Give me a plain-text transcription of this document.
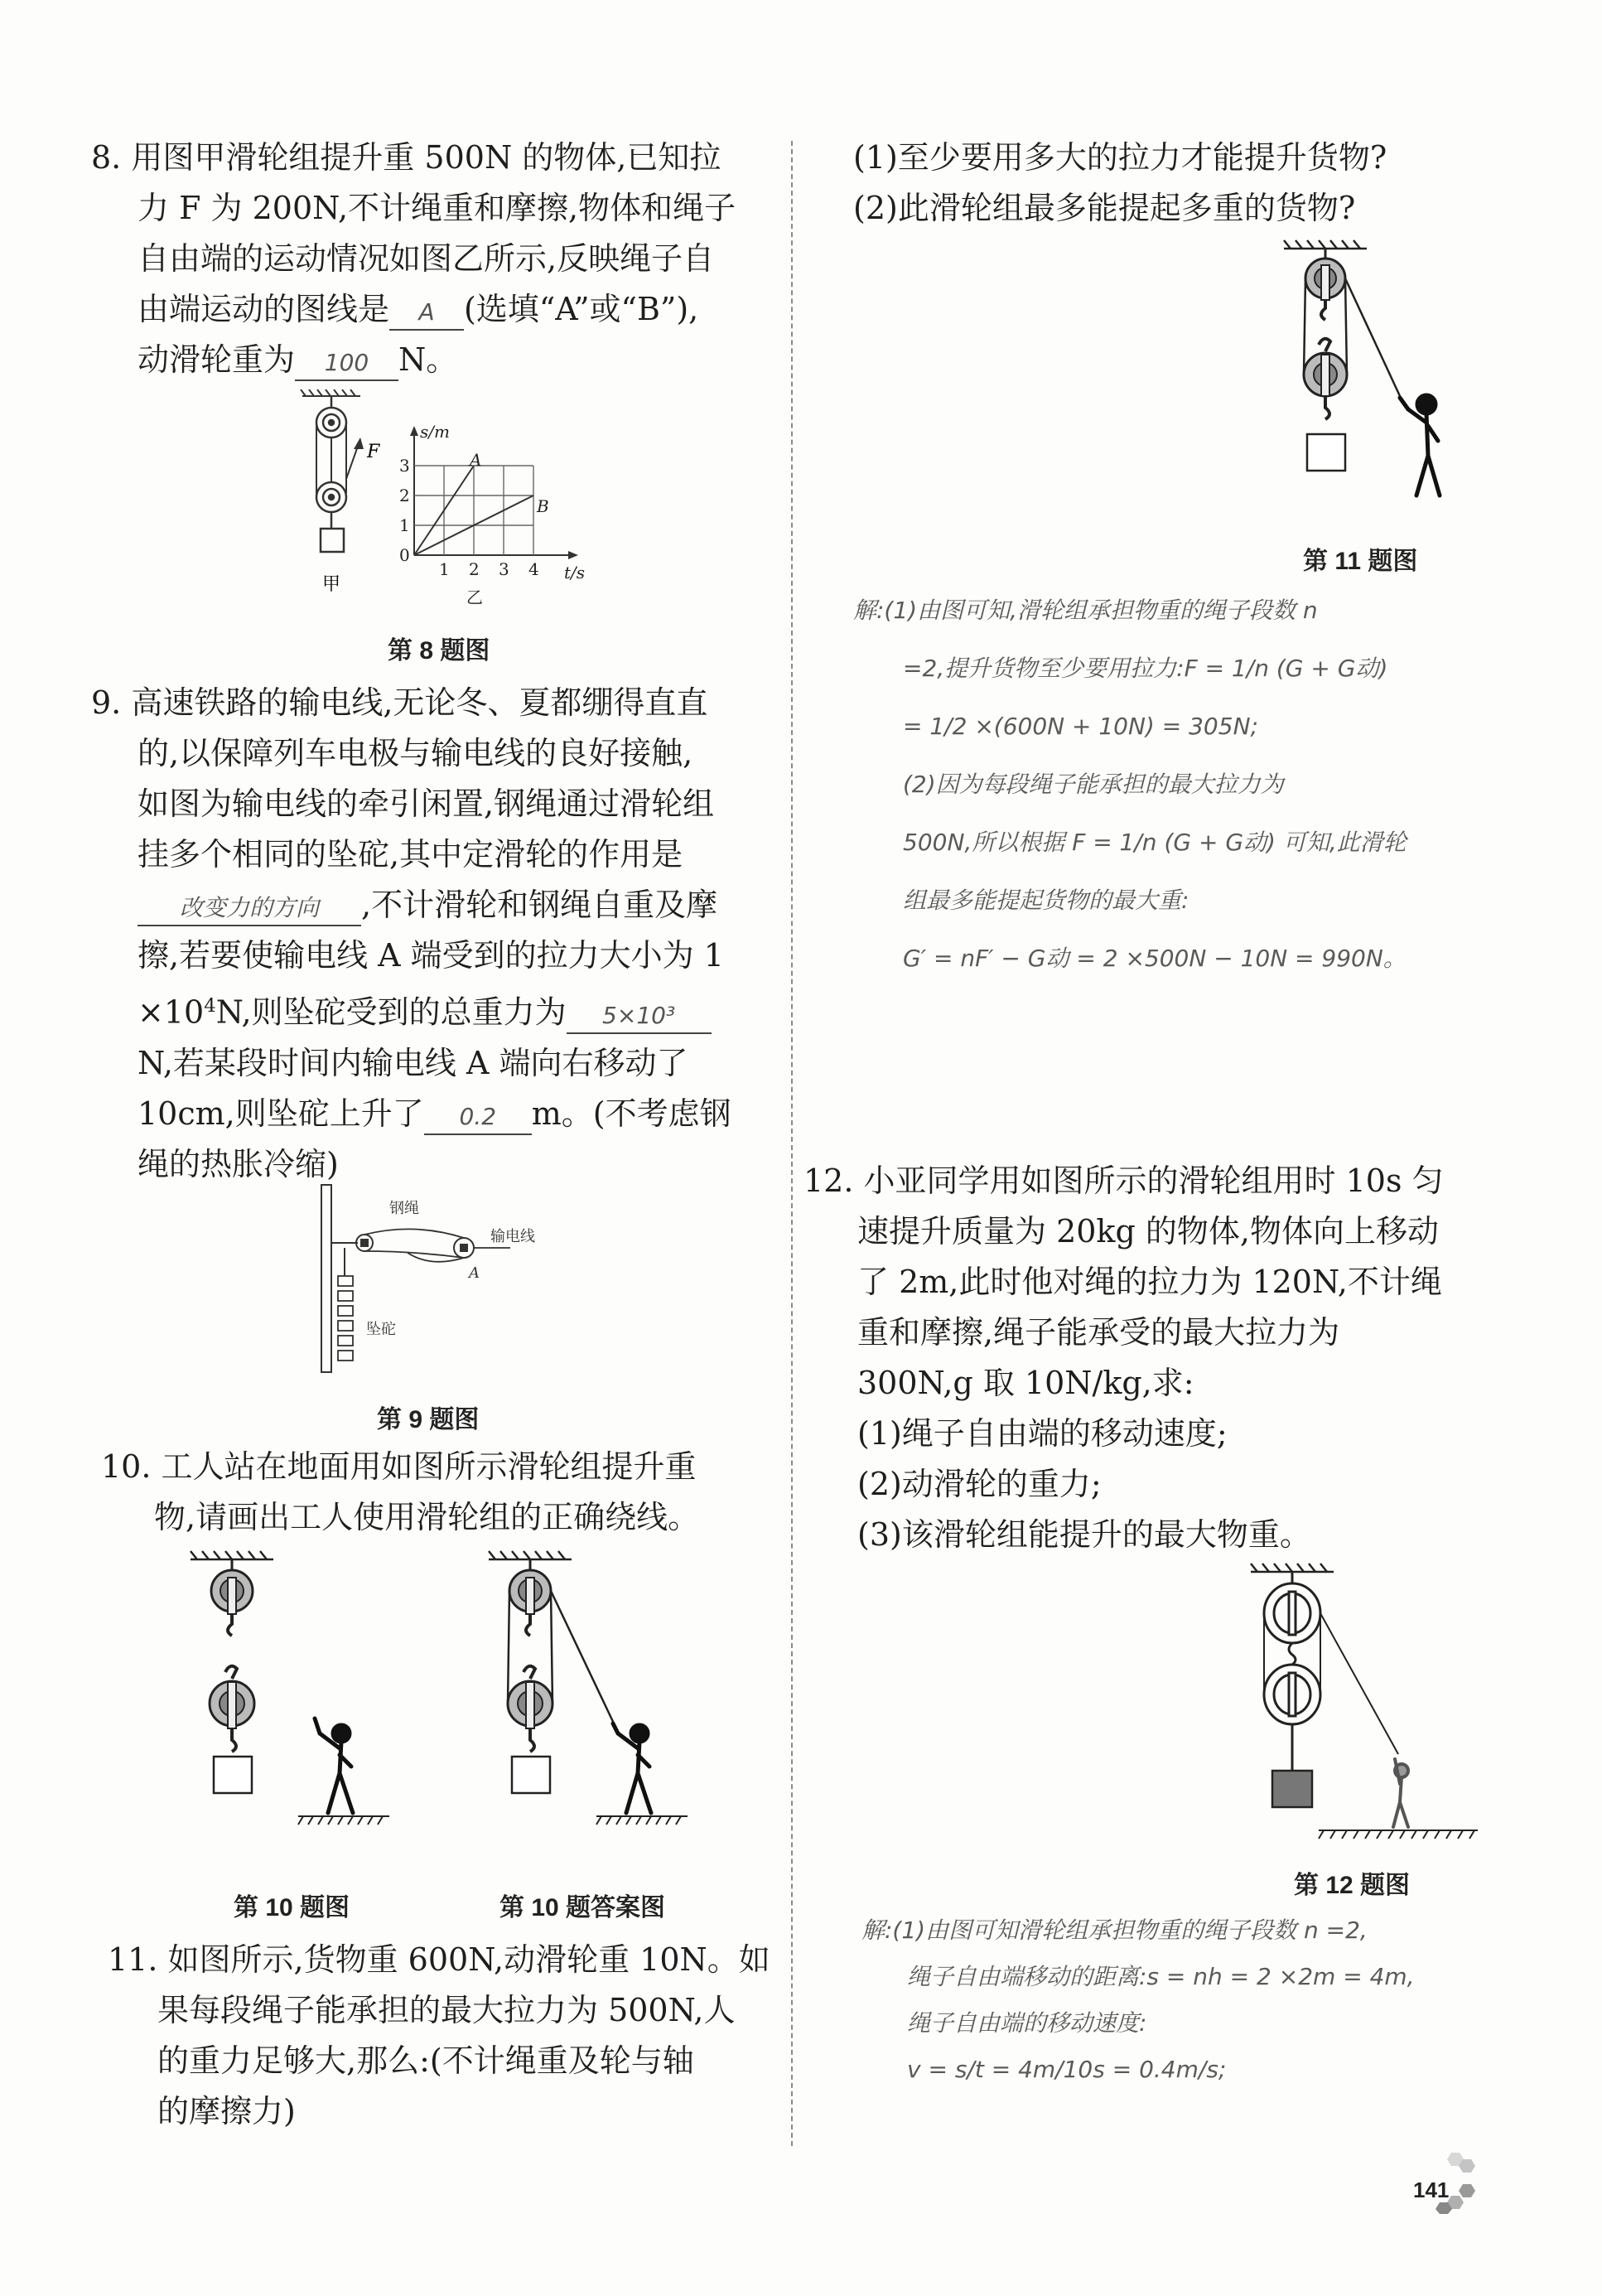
8. 用图甲滑轮组提升重 500N 的物体,已知拉
力 F 为 200N,不计绳重和摩擦,物体和绳子
自由端的运动情况如图乙所示,反映绳子自
由端运动的图线是 A (选填“A”或“B”),
动滑轮重为 100 N。
F
甲
0
1
2
3
1 2 3 4
s/m
t/s
A
B
乙
第 8 题图
9. 高速铁路的输电线,无论冬、夏都绷得直直
的,以保障列车电极与输电线的良好接触,
如图为输电线的牵引闲置,钢绳通过滑轮组
挂多个相同的坠砣,其中定滑轮的作用是
改变力的方向 ,不计滑轮和钢绳自重及摩
擦,若要使输电线 A 端受到的拉力大小为 1
$\times 10^4N$,则坠砣受到的总重力为 5×10³
N,若某段时间内输电线 A 端向右移动了
10cm,则坠砣上升了 0.2 m。(不考虑钢
绳的热胀冷缩)
钢绳
输电线
A
坠砣
第 9 题图
10. 工人站在地面用如图所示滑轮组提升重
物,请画出工人使用滑轮组的正确绕线。
第 10 题图	第 10 题答案图
11. 如图所示,货物重 600N,动滑轮重 10N。如
果每段绳子能承担的最大拉力为 500N,人
的重力足够大,那么:(不计绳重及轮与轴
的摩擦力)
(1)至少要用多大的拉力才能提升货物?
(2)此滑轮组最多能提起多重的货物?
第 11 题图
解:(1)由图可知,滑轮组承担物重的绳子段数 n
=2,提升货物至少要用拉力:F = 1/n (G + G动)
= 1/2 ×(600N + 10N) = 305N;
(2)因为每段绳子能承担的最大拉力为
500N,所以根据 F = 1/n (G + G动) 可知,此滑轮
组最多能提起货物的最大重:
G′ = nF′ − G动 = 2 ×500N − 10N = 990N。
12. 小亚同学用如图所示的滑轮组用时 10s 匀
速提升质量为 20kg 的物体,物体向上移动
了 2m,此时他对绳的拉力为 120N,不计绳
重和摩擦,绳子能承受的最大拉力为
300N,g 取 10N/kg,求:
(1)绳子自由端的移动速度;
(2)动滑轮的重力;
(3)该滑轮组能提升的最大物重。
第 12 题图
解:(1)由图可知滑轮组承担物重的绳子段数 n =2,
绳子自由端移动的距离:s = nh = 2 ×2m = 4m,
绳子自由端的移动速度:
v = s/t = 4m/10s = 0.4m/s;
141
